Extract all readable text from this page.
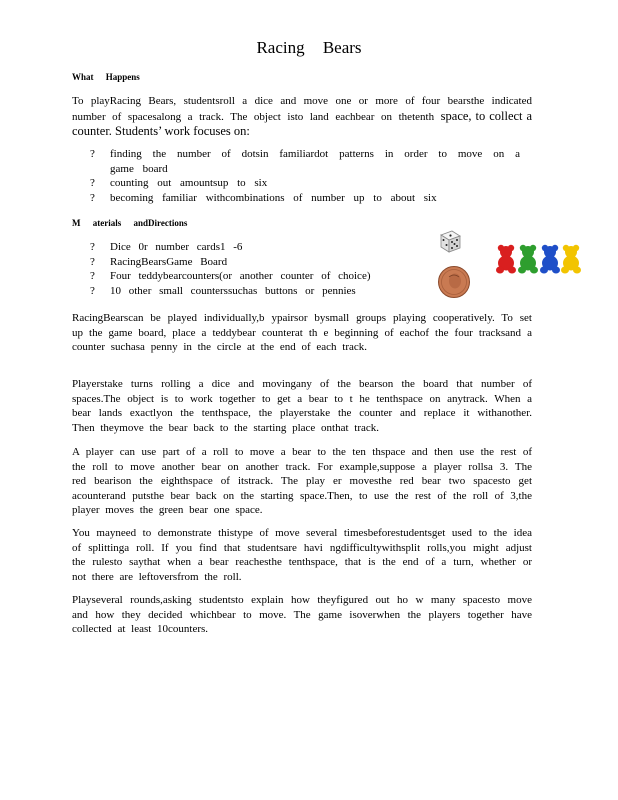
Racing Bears
What Happens
To playRacing Bears, studentsroll a dice and move one or more of four bearsthe indicated number of spacesalong a track. The object isto land eachbear on thetenth space, to collect a counter. Students’ work focuses on:
? finding the number of dotsin familiardot patterns in order to move on a game board
? counting out amountsup to six
? becoming familiar withcombinations of number up to about six
M aterials andDirections
? Dice 0r number cards1 -6
? RacingBearsGame Board
? Four teddybearcounters(or another counter of choice)
? 10 other small counterssuchas buttons or pennies
RacingBearscan be played individually,b ypairsor bysmall groups playing cooperatively. To set up the game board, place a teddybear counterat th e beginning of eachof the four tracksand a counter suchasa penny in the circle at the end of each track.
Playerstake turns rolling a dice and movingany of the bearson the board that number of spaces.The object is to work together to get a bear to t he tenthspace on anytrack. When a bear lands exactlyon the tenthspace, the playerstake the counter and replace it withanother. Then theymove the bear back to the starting place onthat track.
A player can use part of a roll to move a bear to the ten thspace and then use the rest of the roll to move another bear on another track. For example,suppose a player rollsa 3. The red bearison the eighthspace of itstrack. The play er movesthe red bear two spacesto get acounterand putsthe bear back on the starting space.Then, to use the rest of the roll of 3,the player moves the green bear one space.
You mayneed to demonstrate thistype of move several timesbeforestudentsget used to the idea of splittinga roll. If you find that studentsare havi ngdifficultywithsplit rolls,you might adjust the rulesto saythat when a bear reachesthe tenthspace, that is the end of a turn, whether or not there are leftoversfrom the roll.
Playseveral rounds,asking studentsto explain how theyfigured out ho w many spacesto move and how they decided whichbear to move. The game isoverwhen the players together have collected at least 10counters.
